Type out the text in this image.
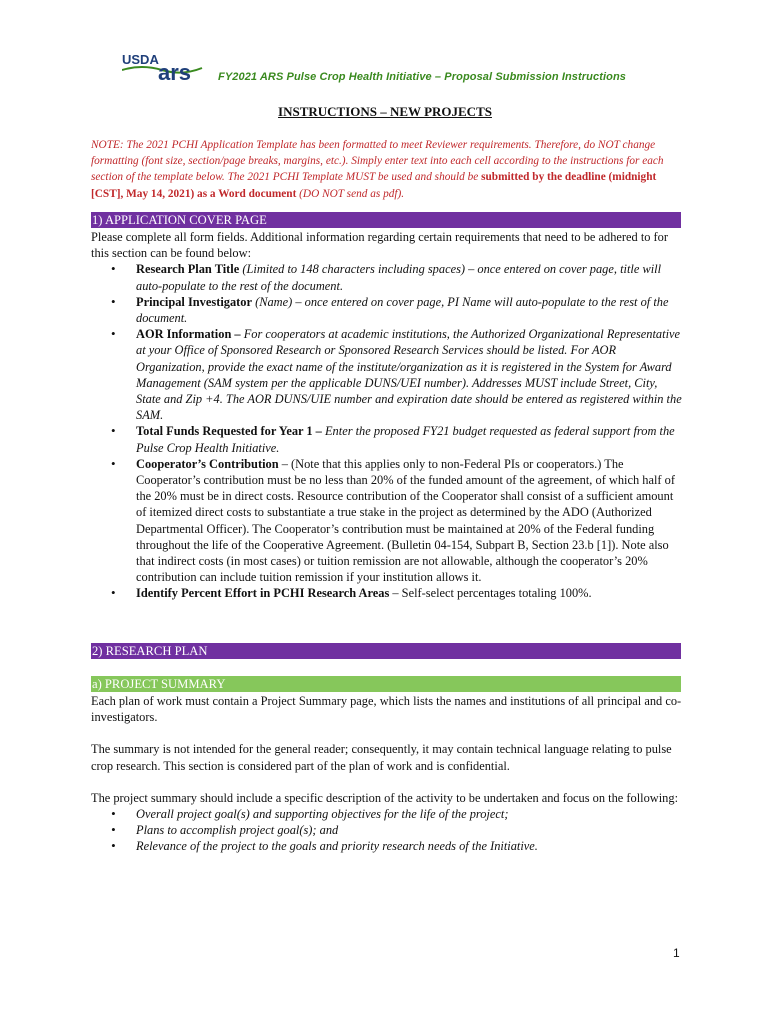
USDA
ars FY2021 ARS Pulse Crop Health Initiative – Proposal Submission Instructions
INSTRUCTIONS – NEW PROJECTS
NOTE: The 2021 PCHI Application Template has been formatted to meet Reviewer requirements. Therefore, do NOT change formatting (font size, section/page breaks, margins, etc.). Simply enter text into each cell according to the instructions for each section of the template below. The 2021 PCHI Template MUST be used and should be submitted by the deadline (midnight [CST], May 14, 2021) as a Word document (DO NOT send as pdf).
1) APPLICATION COVER PAGE

Please complete all form fields. Additional information regarding certain requirements that need to be adhered to for this section can be found below:

• Research Plan Title (Limited to 148 characters including spaces) – once entered on cover page, title will auto-populate to the rest of the document.
• Principal Investigator (Name) – once entered on cover page, PI Name will auto-populate to the rest of the document.
• AOR Information – For cooperators at academic institutions, the Authorized Organizational Representative at your Office of Sponsored Research or Sponsored Research Services should be listed. For AOR Organization, provide the exact name of the institute/organization as it is registered in the System for Award Management (SAM system per the applicable DUNS/UEI number). Addresses MUST include Street, City, State and Zip +4. The AOR DUNS/UIE number and expiration date should be entered as registered within the SAM.
• Total Funds Requested for Year 1 – Enter the proposed FY21 budget requested as federal support from the Pulse Crop Health Initiative.
• Cooperator’s Contribution – (Note that this applies only to non-Federal PIs or cooperators.) The Cooperator’s contribution must be no less than 20% of the funded amount of the agreement, of which half of the 20% must be in direct costs. Resource contribution of the Cooperator shall consist of a sufficient amount of itemized direct costs to substantiate a true stake in the project as determined by the ADO (Authorized Departmental Officer). The Cooperator’s contribution must be maintained at 20% of the Federal funding throughout the life of the Cooperative Agreement. (Bulletin 04-154, Subpart B, Section 23.b [1]). Note also that indirect costs (in most cases) or tuition remission are not allowable, although the cooperator’s 20% contribution can include tuition remission if your institution allows it.
• Identify Percent Effort in PCHI Research Areas – Self-select percentages totaling 100%.
2) RESEARCH PLAN
a) PROJECT SUMMARY

Each plan of work must contain a Project Summary page, which lists the names and institutions of all principal and co-investigators.

The summary is not intended for the general reader; consequently, it may contain technical language relating to pulse crop research. This section is considered part of the plan of work and is confidential.

The project summary should include a specific description of the activity to be undertaken and focus on the following:

• Overall project goal(s) and supporting objectives for the life of the project;
• Plans to accomplish project goal(s); and
• Relevance of the project to the goals and priority research needs of the Initiative.
1
